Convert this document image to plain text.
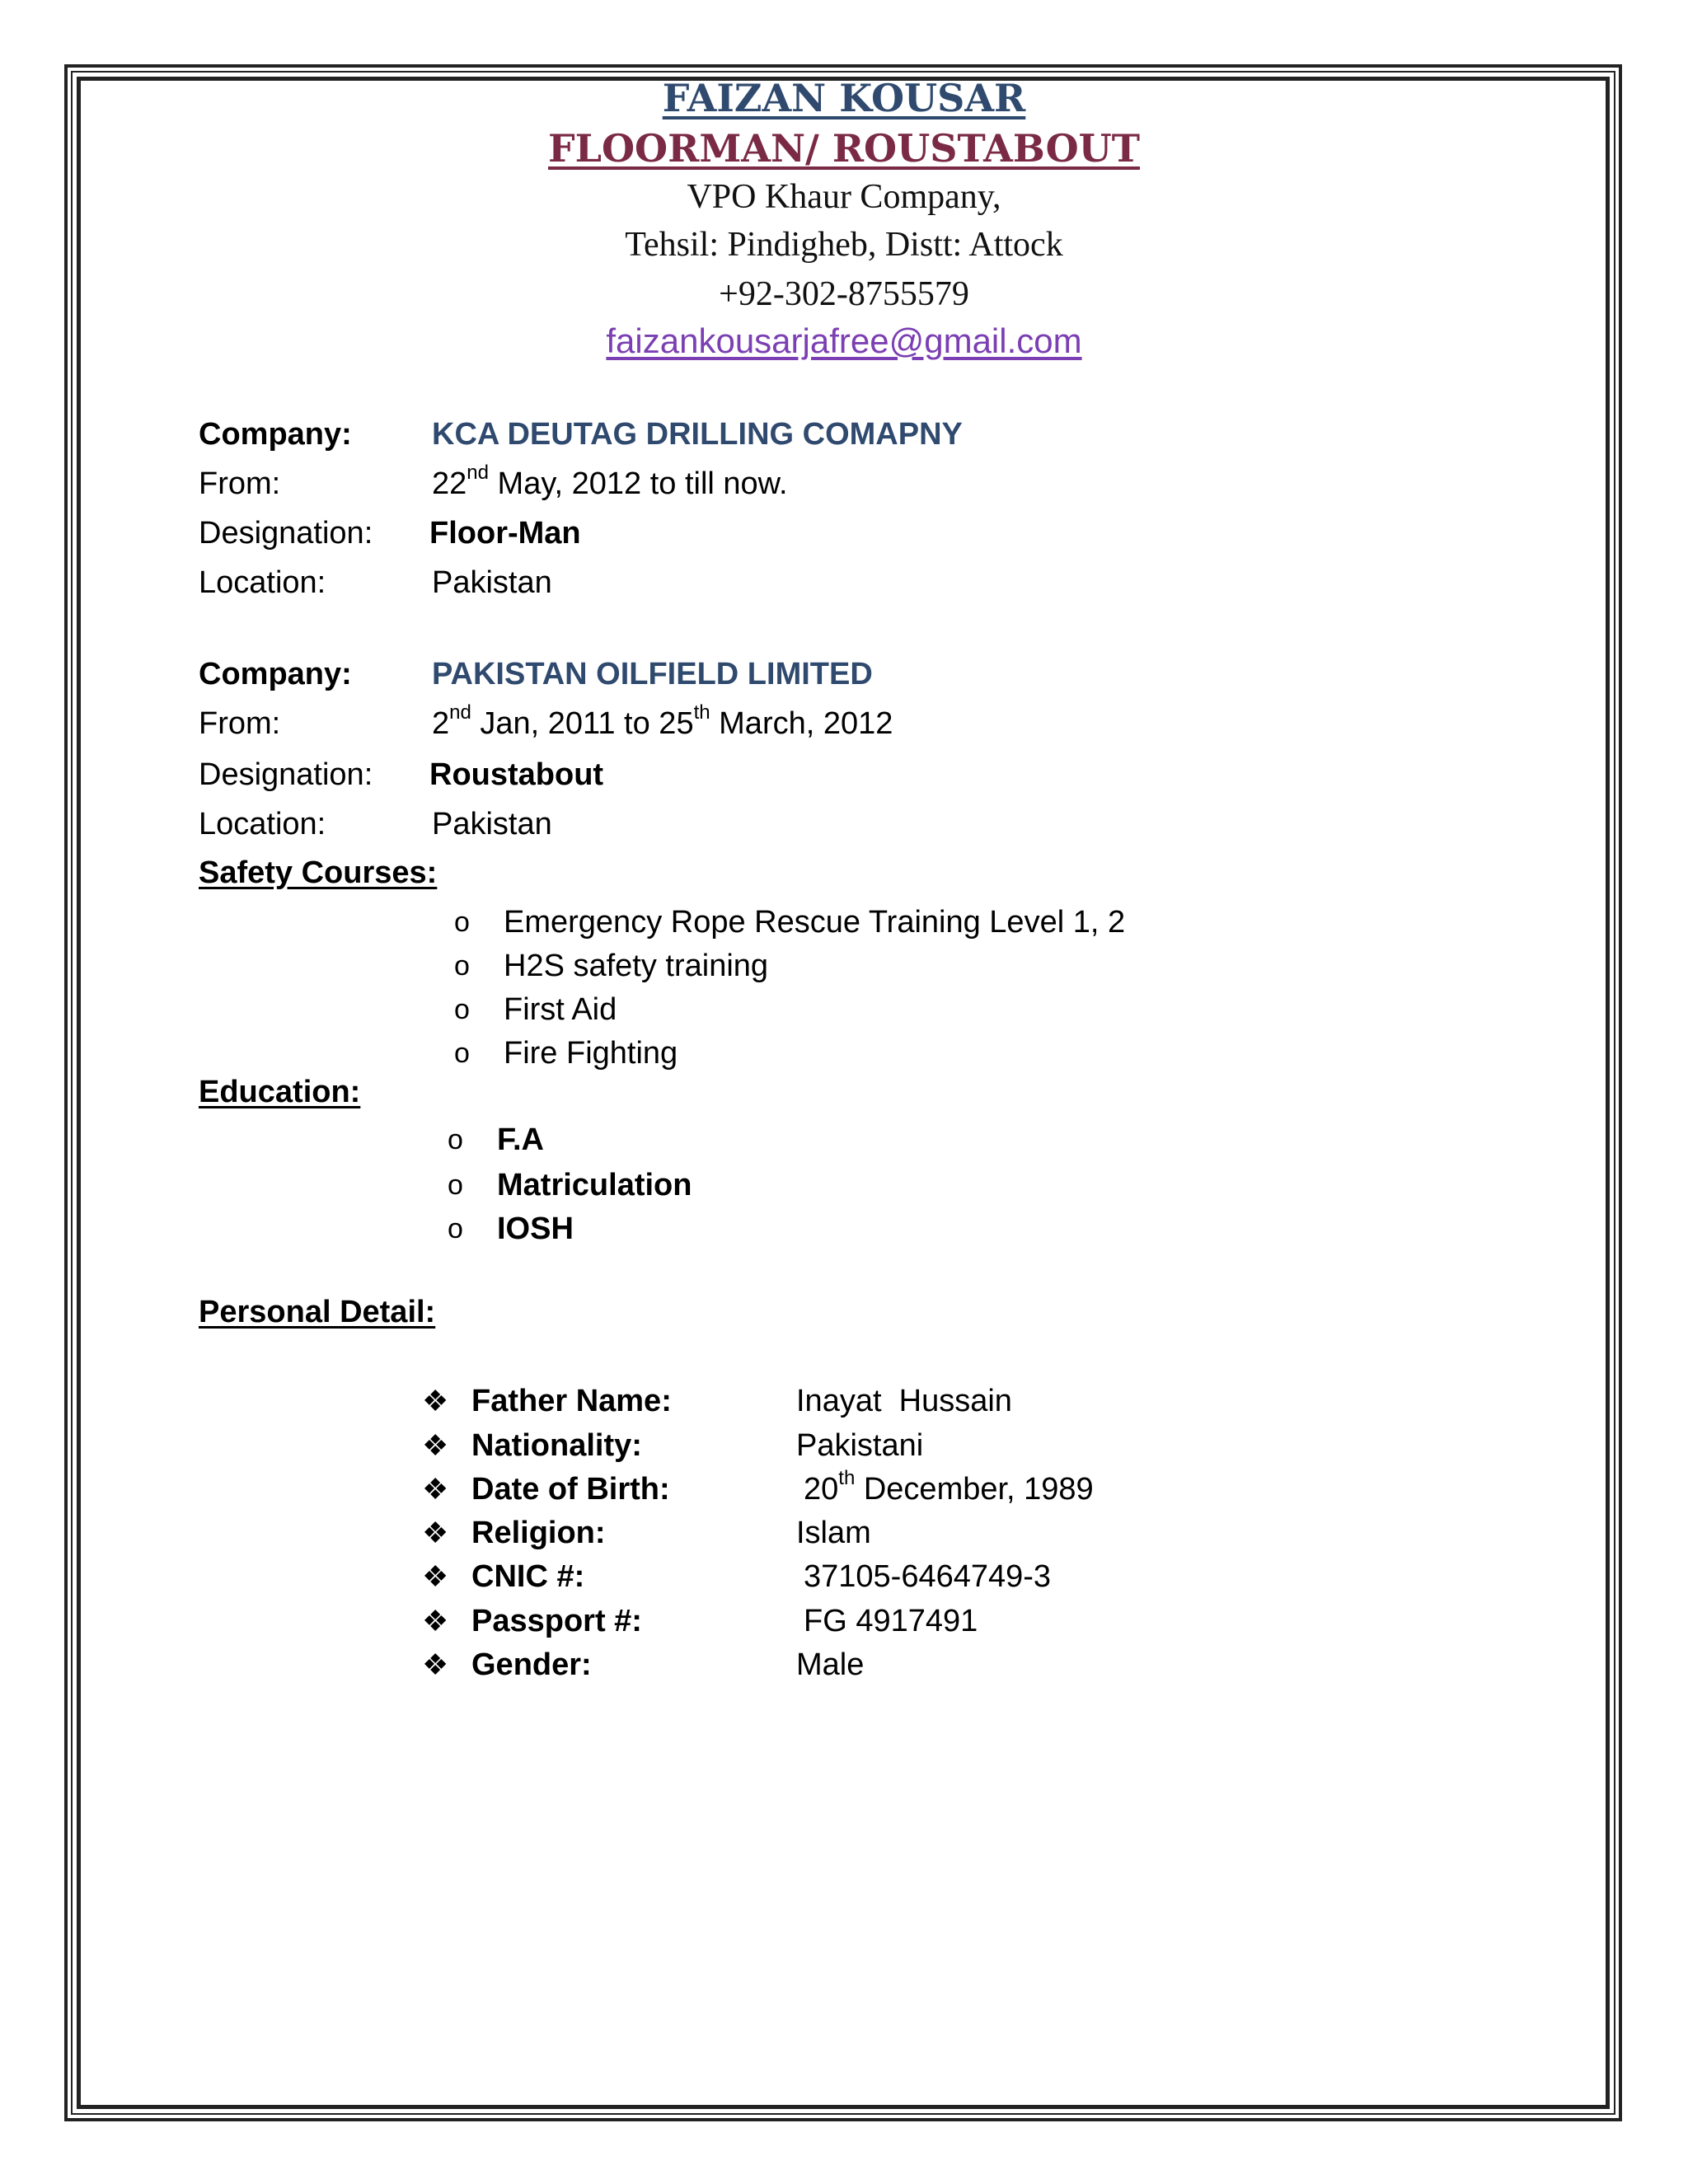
FAIZAN KOUSAR
FLOORMAN/ ROUSTABOUT
VPO Khaur Company,
Tehsil: Pindigheb, Distt: Attock
+92-302-8755579
faizankousarjafree@gmail.com
Company:	KCA DEUTAG DRILLING COMAPNY
From:	22nd May, 2012 to till now.
Designation: Floor-Man
Location:	Pakistan
Company:	PAKISTAN OILFIELD LIMITED
From:	2nd Jan, 2011 to 25th March, 2012
Designation: Roustabout
Location:	Pakistan
Safety Courses:
o Emergency Rope Rescue Training Level 1, 2
o H2S safety training
o First Aid
o Fire Fighting
Education:
o F.A
o Matriculation
o IOSH
Personal Detail:
❖ Father Name:	Inayat  Hussain
❖ Nationality:	Pakistani
❖ Date of Birth:	20th December, 1989
❖ Religion:	Islam
❖ CNIC #:	37105-6464749-3
❖ Passport #:	FG 4917491
❖ Gender:	Male
